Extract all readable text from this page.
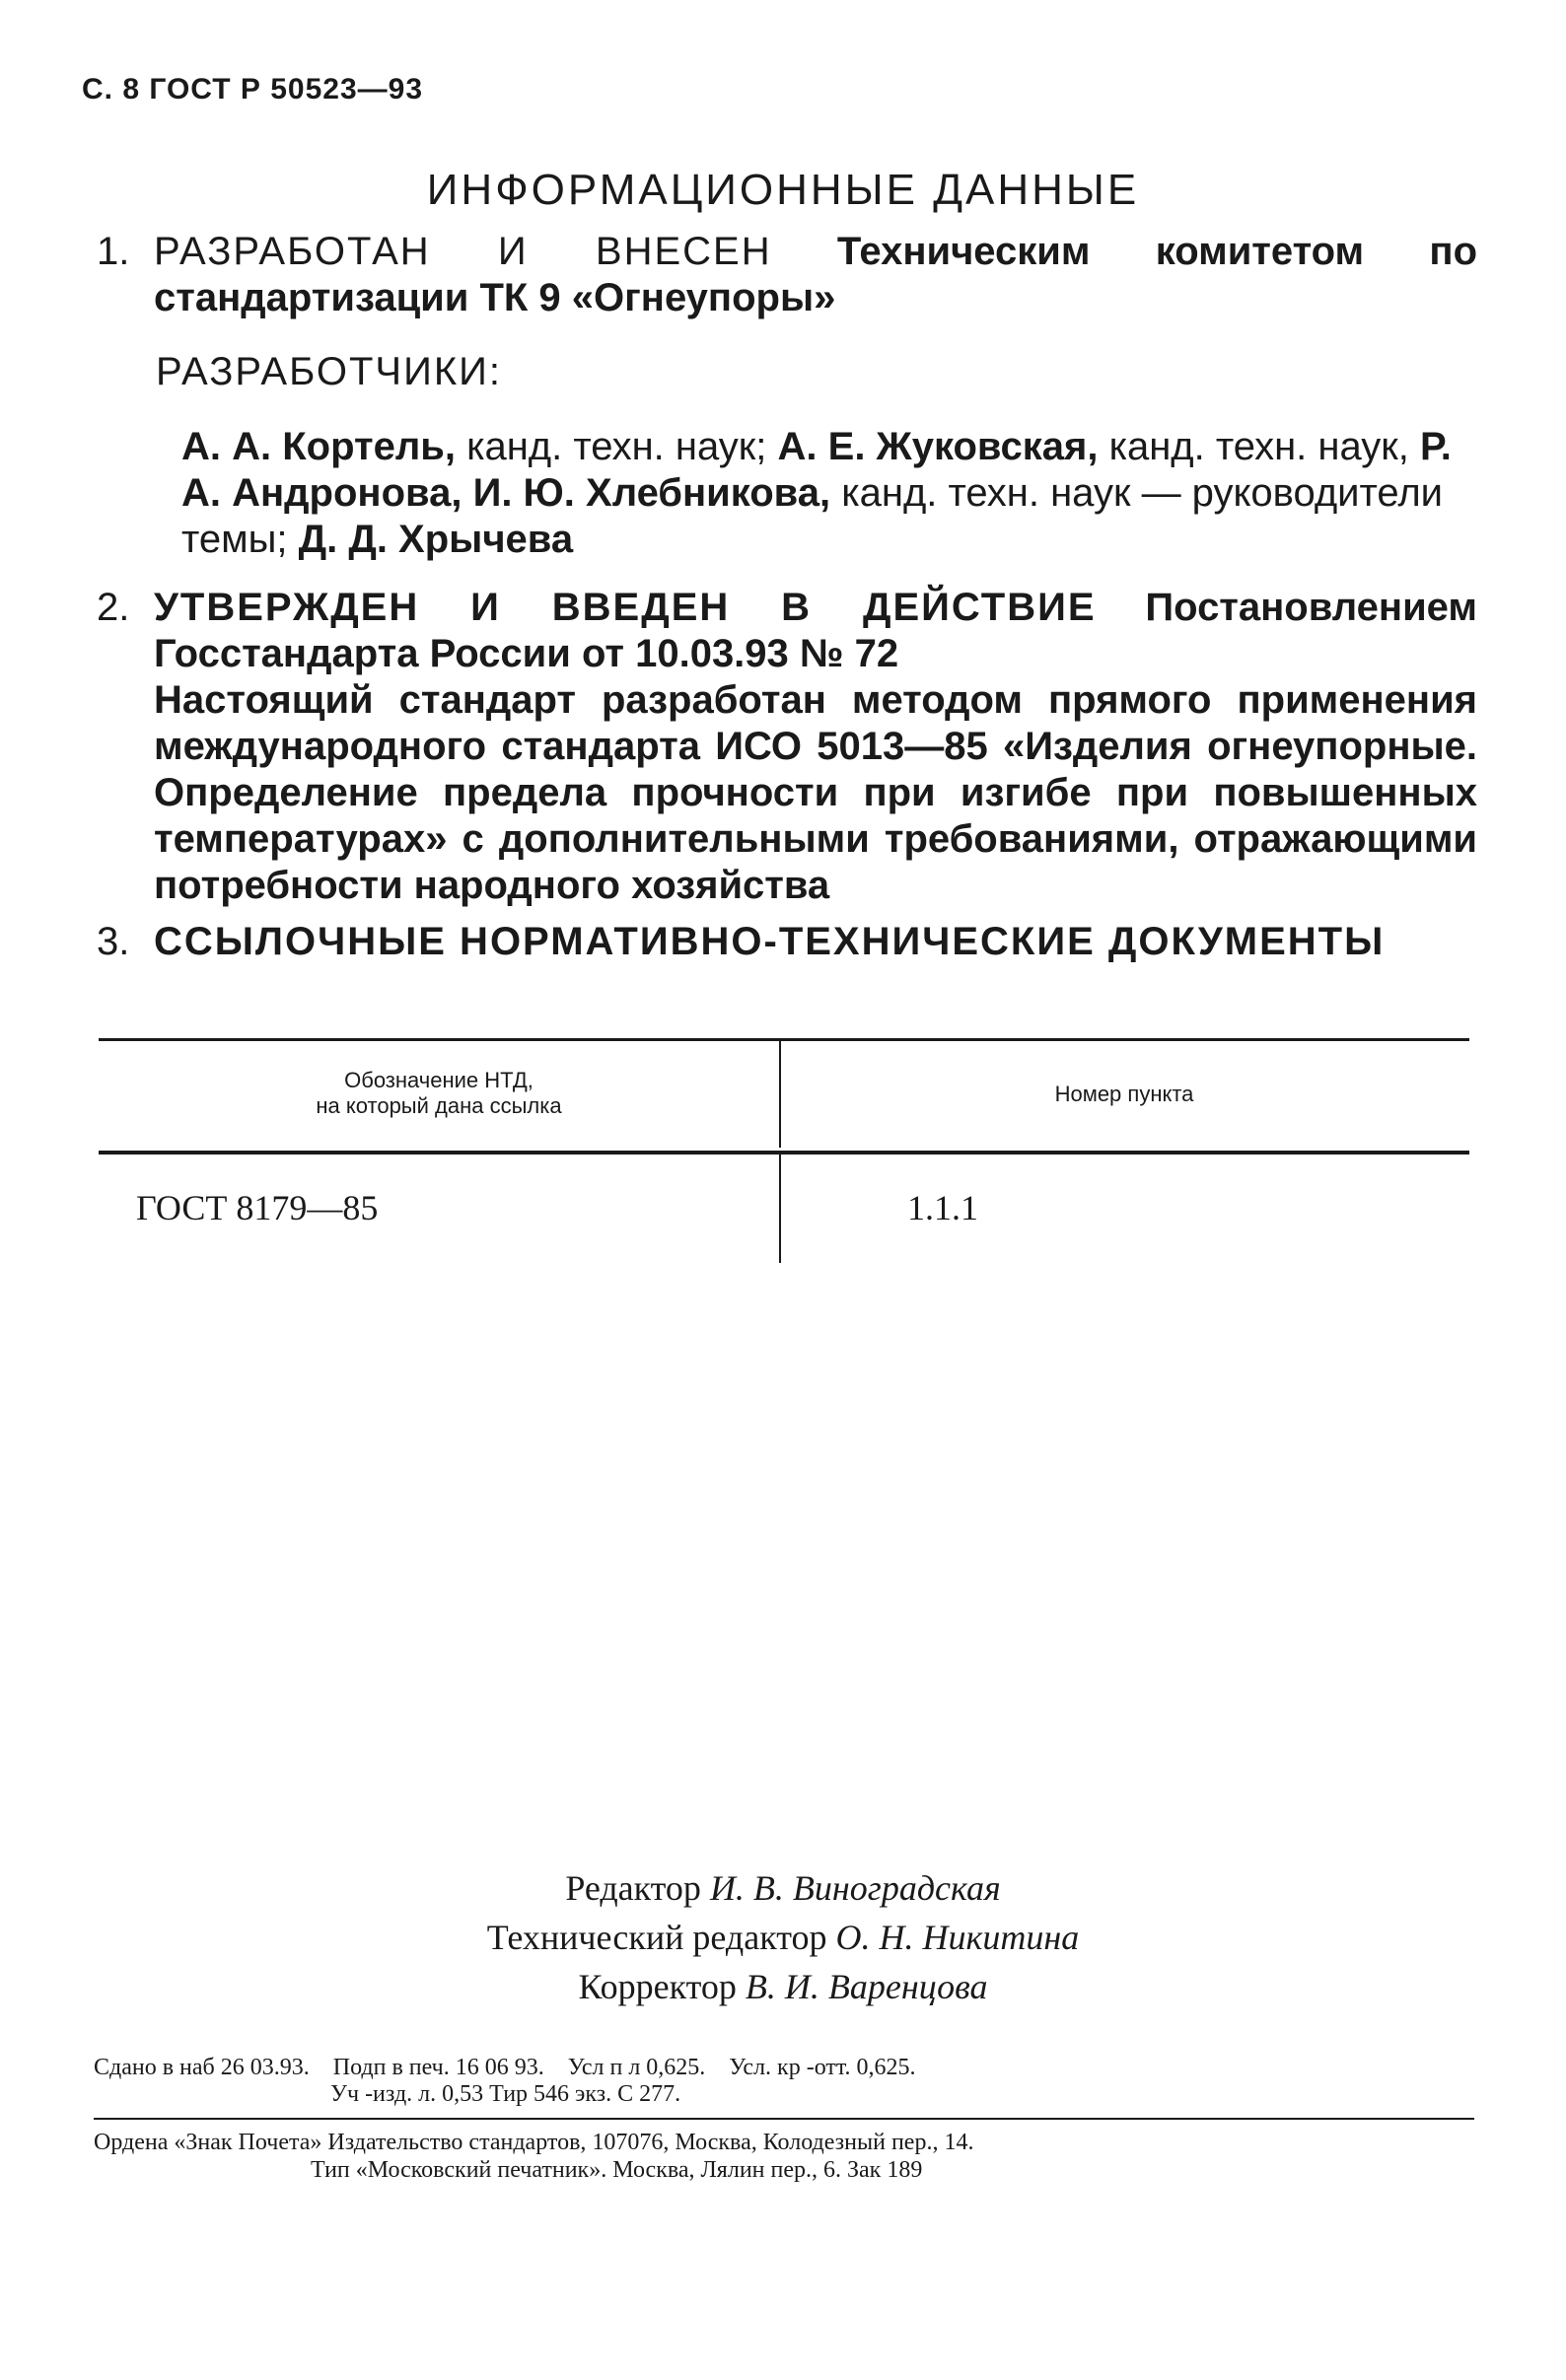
С. 8 ГОСТ Р 50523—93
ИНФОРМАЦИОННЫЕ ДАННЫЕ
1. РАЗРАБОТАН И ВНЕСЕН Техническим комитетом по стандартизации ТК 9 «Огнеупоры»
РАЗРАБОТЧИКИ:
А. А. Кортель, канд. техн. наук; А. Е. Жуковская, канд. техн. наук, Р. А. Андронова, И. Ю. Хлебникова, канд. техн. наук — руководители темы; Д. Д. Хрычева
2. УТВЕРЖДЕН И ВВЕДЕН В ДЕЙСТВИЕ Постановлением Госстандарта России от 10.03.93 № 72
Настоящий стандарт разработан методом прямого применения международного стандарта ИСО 5013—85 «Изделия огнеупорные. Определение предела прочности при изгибе при повышенных температурах» с дополнительными требованиями, отражающими потребности народного хозяйства
3. ССЫЛОЧНЫЕ НОРМАТИВНО-ТЕХНИЧЕСКИЕ ДОКУМЕНТЫ
Обозначение НТД,
на который дана ссылка	Номер пункта
ГОСТ 8179—85	1.1.1
Редактор И. В. Виноградская
Технический редактор О. Н. Никитина
Корректор В. И. Варенцова
Сдано в наб 26 03.93.    Подп в печ. 16 06 93.    Усл п л 0,625.    Усл. кр -отт. 0,625.
Уч -изд. л. 0,53 Тир 546 экз. С 277.
Ордена «Знак Почета» Издательство стандартов, 107076, Москва, Колодезный пер., 14.
Тип «Московский печатник». Москва, Лялин пер., 6. Зак 189
